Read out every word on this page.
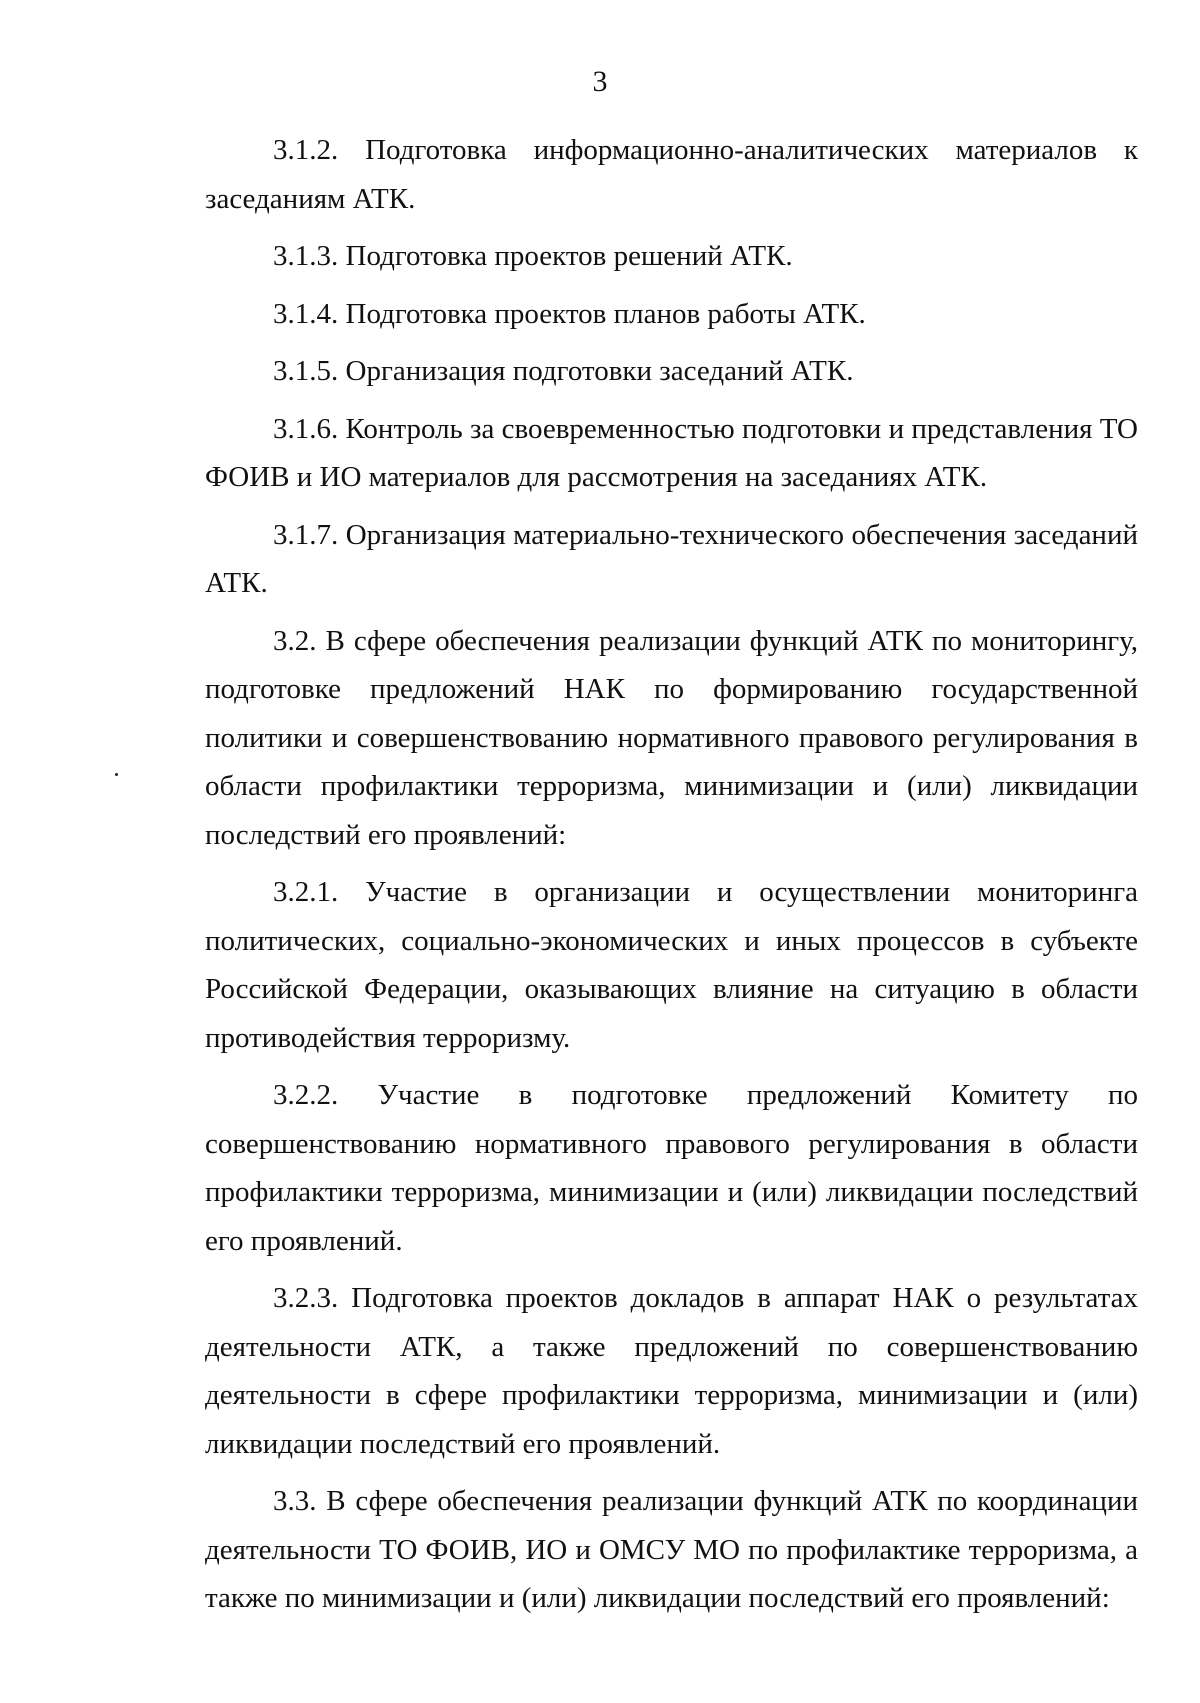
3

3.1.2. Подготовка информационно-аналитических материалов к заседаниям АТК.

3.1.3. Подготовка проектов решений АТК.

3.1.4. Подготовка проектов планов работы АТК.

3.1.5. Организация подготовки заседаний АТК.

3.1.6. Контроль за своевременностью подготовки и представления ТО ФОИВ и ИО материалов для рассмотрения на заседаниях АТК.

3.1.7. Организация материально-технического обеспечения заседаний АТК.

3.2. В сфере обеспечения реализации функций АТК по мониторингу, подготовке предложений НАК по формированию государственной политики и совершенствованию нормативного правового регулирования в области профилактики терроризма, минимизации и (или) ликвидации последствий его проявлений:

3.2.1. Участие в организации и осуществлении мониторинга политических, социально-экономических и иных процессов в субъекте Российской Федерации, оказывающих влияние на ситуацию в области противодействия терроризму.

3.2.2. Участие в подготовке предложений Комитету по совершенствованию нормативного правового регулирования в области профилактики терроризма, минимизации и (или) ликвидации последствий его проявлений.

3.2.3. Подготовка проектов докладов в аппарат НАК о результатах деятельности АТК, а также предложений по совершенствованию деятельности в сфере профилактики терроризма, минимизации и (или) ликвидации последствий его проявлений.

3.3. В сфере обеспечения реализации функций АТК по координации деятельности ТО ФОИВ, ИО и ОМСУ МО по профилактике терроризма, а также по минимизации и (или) ликвидации последствий его проявлений:
